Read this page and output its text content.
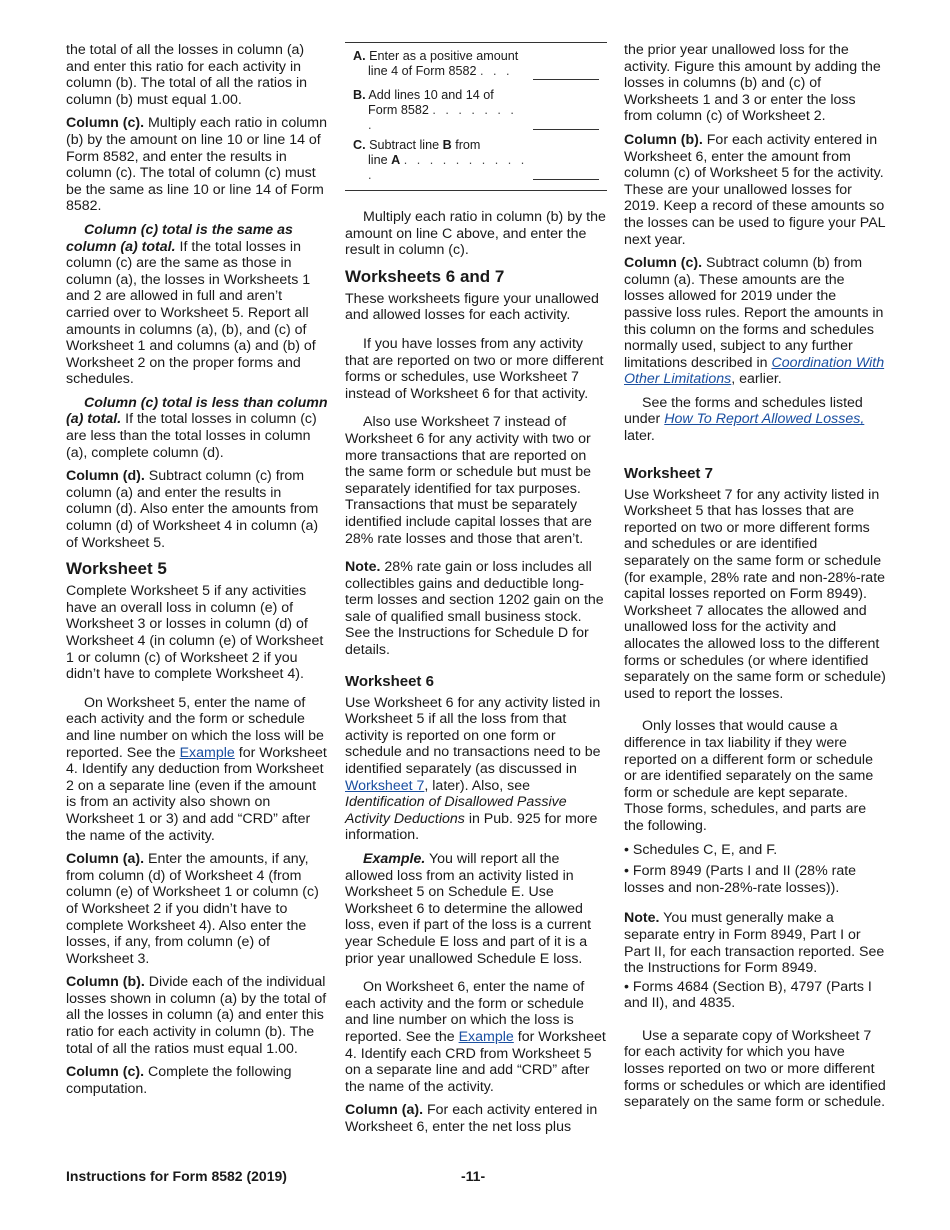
the total of all the losses in column (a) and enter this ratio for each activity in column (b). The total of all the ratios in column (b) must equal 1.00.

Column (c). Multiply each ratio in column (b) by the amount on line 10 or line 14 of Form 8582, and enter the results in column (c). The total of column (c) must be the same as line 10 or line 14 of Form 8582.

Column (c) total is the same as column (a) total. If the total losses in column (c) are the same as those in column (a), the losses in Worksheets 1 and 2 are allowed in full and aren’t carried over to Worksheet 5. Report all amounts in columns (a), (b), and (c) of Worksheet 1 and columns (a) and (b) of Worksheet 2 on the proper forms and schedules.

Column (c) total is less than column (a) total. If the total losses in column (c) are less than the total losses in column (a), complete column (d).

Column (d). Subtract column (c) from column (a) and enter the results in column (d). Also enter the amounts from column (d) of Worksheet 4 in column (a) of Worksheet 5.

Worksheet 5

Complete Worksheet 5 if any activities have an overall loss in column (e) of Worksheet 3 or losses in column (d) of Worksheet 4 (in column (e) of Worksheet 1 or column (c) of Worksheet 2 if you didn’t have to complete Worksheet 4).

On Worksheet 5, enter the name of each activity and the form or schedule and line number on which the loss will be reported. See the Example for Worksheet 4. Identify any deduction from Worksheet 2 on a separate line (even if the amount is from an activity also shown on Worksheet 1 or 3) and add “CRD” after the name of the activity.

Column (a). Enter the amounts, if any, from column (d) of Worksheet 4 (from column (e) of Worksheet 1 or column (c) of Worksheet 2 if you didn’t have to complete Worksheet 4). Also enter the losses, if any, from column (e) of Worksheet 3.

Column (b). Divide each of the individual losses shown in column (a) by the total of all the losses in column (a) and enter this ratio for each activity in column (b). The total of all the ratios must equal 1.00.

Column (c). Complete the following computation.

A. Enter as a positive amount
line 4 of Form 8582 . . .
B. Add lines 10 and 14 of
Form 8582 . . . . . . . .
C. Subtract line B from
line A . . . . . . . . . . .

Multiply each ratio in column (b) by the amount on line C above, and enter the result in column (c).

Worksheets 6 and 7

These worksheets figure your unallowed and allowed losses for each activity.

If you have losses from any activity that are reported on two or more different forms or schedules, use Worksheet 7 instead of Worksheet 6 for that activity.

Also use Worksheet 7 instead of Worksheet 6 for any activity with two or more transactions that are reported on the same form or schedule but must be separately identified for tax purposes. Transactions that must be separately identified include capital losses that are 28% rate losses and those that aren’t.

Note. 28% rate gain or loss includes all collectibles gains and deductible long-term losses and section 1202 gain on the sale of qualified small business stock. See the Instructions for Schedule D for details.

Worksheet 6

Use Worksheet 6 for any activity listed in Worksheet 5 if all the loss from that activity is reported on one form or schedule and no transactions need to be identified separately (as discussed in Worksheet 7, later). Also, see Identification of Disallowed Passive Activity Deductions in Pub. 925 for more information.

Example. You will report all the allowed loss from an activity listed in Worksheet 5 on Schedule E. Use Worksheet 6 to determine the allowed loss, even if part of the loss is a current year Schedule E loss and part of it is a prior year unallowed Schedule E loss.

On Worksheet 6, enter the name of each activity and the form or schedule and line number on which the loss is reported. See the Example for Worksheet 4. Identify each CRD from Worksheet 5 on a separate line and add “CRD” after the name of the activity.

Column (a). For each activity entered in Worksheet 6, enter the net loss plus

the prior year unallowed loss for the activity. Figure this amount by adding the losses in columns (b) and (c) of Worksheets 1 and 3 or enter the loss from column (c) of Worksheet 2.

Column (b). For each activity entered in Worksheet 6, enter the amount from column (c) of Worksheet 5 for the activity. These are your unallowed losses for 2019. Keep a record of these amounts so the losses can be used to figure your PAL next year.

Column (c). Subtract column (b) from column (a). These amounts are the losses allowed for 2019 under the passive loss rules. Report the amounts in this column on the forms and schedules normally used, subject to any further limitations described in Coordination With Other Limitations, earlier.

See the forms and schedules listed under How To Report Allowed Losses, later.

Worksheet 7

Use Worksheet 7 for any activity listed in Worksheet 5 that has losses that are reported on two or more different forms and schedules or are identified separately on the same form or schedule (for example, 28% rate and non-28%-rate capital losses reported on Form 8949). Worksheet 7 allocates the allowed and unallowed loss for the activity and allocates the allowed loss to the different forms or schedules (or where identified separately on the same form or schedule) used to report the losses.

Only losses that would cause a difference in tax liability if they were reported on a different form or schedule or are identified separately on the same form or schedule are kept separate. Those forms, schedules, and parts are the following.

• Schedules C, E, and F.

• Form 8949 (Parts I and II (28% rate losses and non-28%-rate losses)).

Note. You must generally make a separate entry in Form 8949, Part I or Part II, for each transaction reported. See the Instructions for Form 8949.

• Forms 4684 (Section B), 4797 (Parts I and II), and 4835.

Use a separate copy of Worksheet 7 for each activity for which you have losses reported on two or more different forms or schedules or which are identified separately on the same form or schedule.

Instructions for Form 8582 (2019)	-11-
